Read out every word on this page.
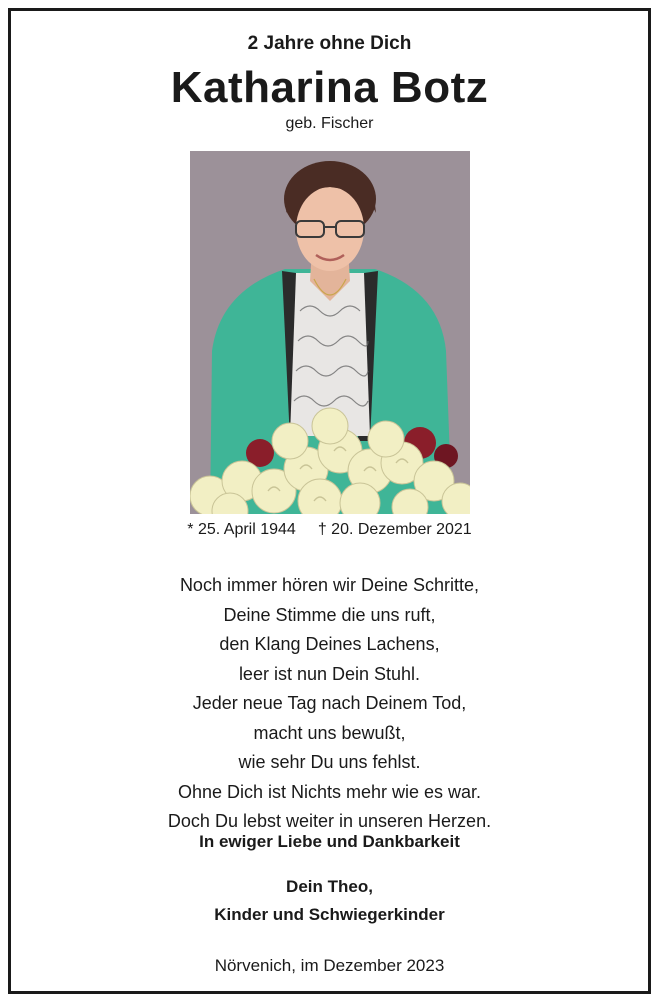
2 Jahre ohne Dich
Katharina Botz
geb. Fischer
* 25. April 1944 † 20. Dezember 2021
Noch immer hören wir Deine Schritte,
Deine Stimme die uns ruft,
den Klang Deines Lachens,
leer ist nun Dein Stuhl.
Jeder neue Tag nach Deinem Tod,
macht uns bewußt,
wie sehr Du uns fehlst.
Ohne Dich ist Nichts mehr wie es war.
Doch Du lebst weiter in unseren Herzen.
In ewiger Liebe und Dankbarkeit
Dein Theo,
Kinder und Schwiegerkinder
Nörvenich, im Dezember 2023
